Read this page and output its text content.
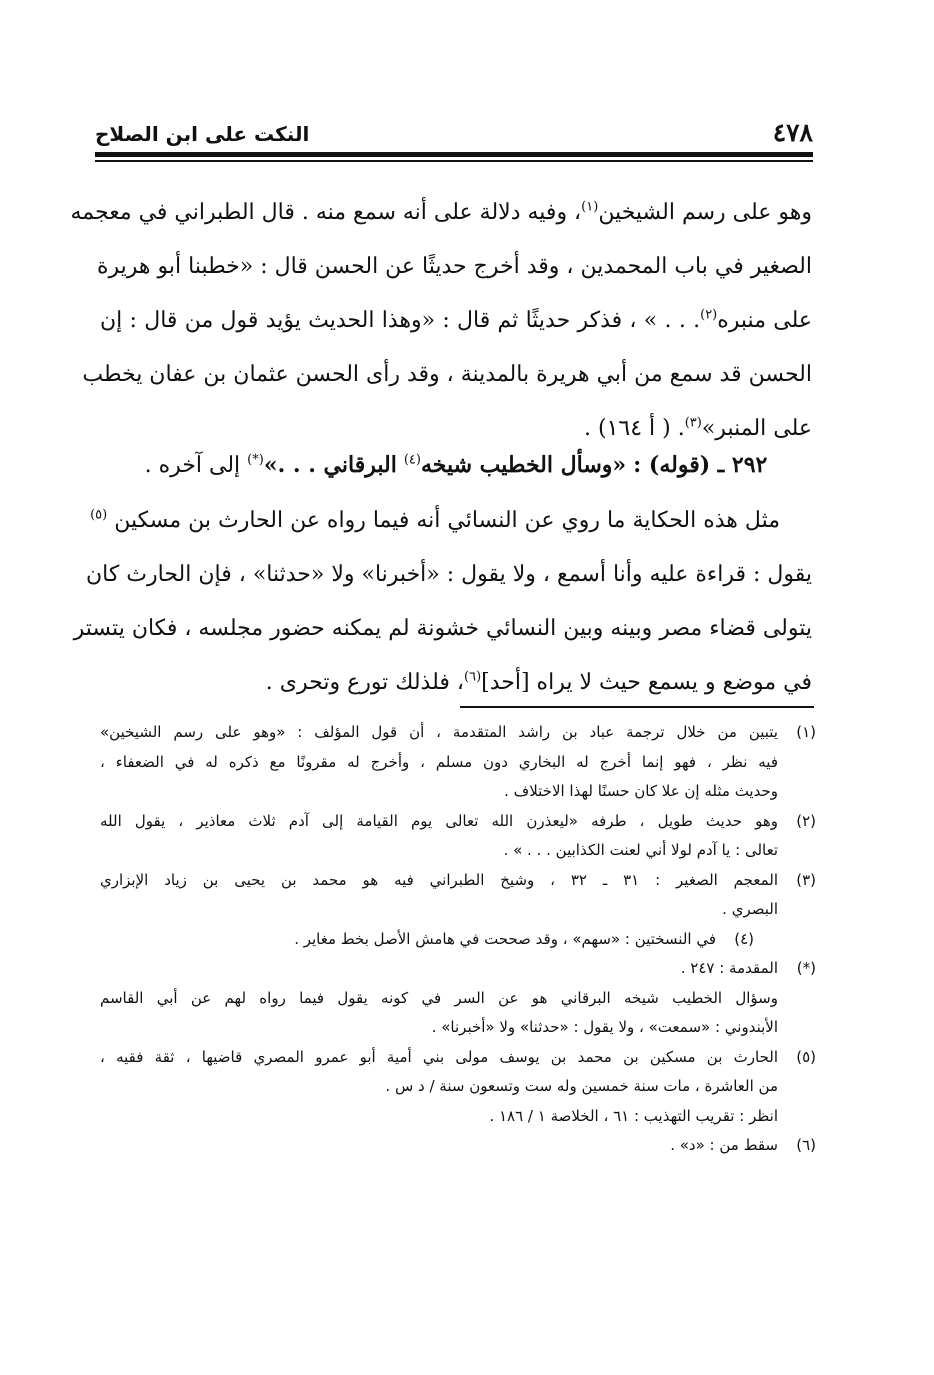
٤٧٨
النكت على ابن الصلاح
وهو على رسم الشيخين$^{(١)}$، وفيه دلالة على أنه سمع منه . قال الطبراني في معجمه
الصغير في باب المحمدين ، وقد أخرج حديثًا عن الحسن قال : «خطبنا أبو هريرة
على منبره$^{(٢)}$. . . » ، فذكر حديثًا ثم قال : «وهذا الحديث يؤيد قول من قال : إن
الحسن قد سمع من أبي هريرة بالمدينة ، وقد رأى الحسن عثمان بن عفان يخطب
على المنبر»$^{(٣)}$. ( أ ١٦٤) .
٢٩٢ ـ (قوله) : «وسأل الخطيب شيخه$^{(٤)}$ البرقاني . . .»(*) إلى آخره .
مثل هذه الحكاية ما روي عن النسائي أنه فيما رواه عن الحارث بن مسكين $^{(٥)}$
يقول : قراءة عليه وأنا أسمع ، ولا يقول : «أخبرنا» ولا «حدثنا» ، فإن الحارث كان
يتولى قضاء مصر وبينه وبين النسائي خشونة لم يمكنه حضور مجلسه ، فكان يتستر
في موضع و يسمع حيث لا يراه [أحد]$^{(٦)}$، فلذلك تورع وتحرى .
(١)يتبين من خلال ترجمة عباد بن راشد المتقدمة ، أن قول المؤلف : «وهو على رسم الشيخين»
فيه نظر ، فهو إنما أخرج له البخاري دون مسلم ، وأخرج له مقرونًا مع ذكره له في الضعفاء ،
وحديث مثله إن علا كان حسنًا لهذا الاختلاف .
(٢)وهو حديث طويل ، طرفه «ليعذرن الله تعالى يوم القيامة إلى آدم ثلاث معاذير ، يقول الله
تعالى : يا آدم لولا أني لعنت الكذابين . . . » .
(٣)المعجم الصغير : ٣١ ـ ٣٢ ، وشيخ الطبراني فيه هو محمد بن يحيى بن زياد الإبزاري
البصري .
(٤)في النسختين : «سهم» ، وقد صححت في هامش الأصل بخط مغاير .
(*)المقدمة : ٢٤٧ .
وسؤال الخطيب شيخه البرقاني هو عن السر في كونه يقول فيما رواه لهم عن أبي القاسم
الأبندوني : «سمعت» ، ولا يقول : «حدثنا» ولا «أخبرنا» .
(٥)الحارث بن مسكين بن محمد بن يوسف مولى بني أمية أبو عمرو المصري قاضيها ، ثقة فقيه ،
من العاشرة ، مات سنة خمسين وله ست وتسعون سنة / د س .
انظر : تقريب التهذيب : ٦١ ، الخلاصة ١ / ١٨٦ .
(٦)سقط من : «د» .
